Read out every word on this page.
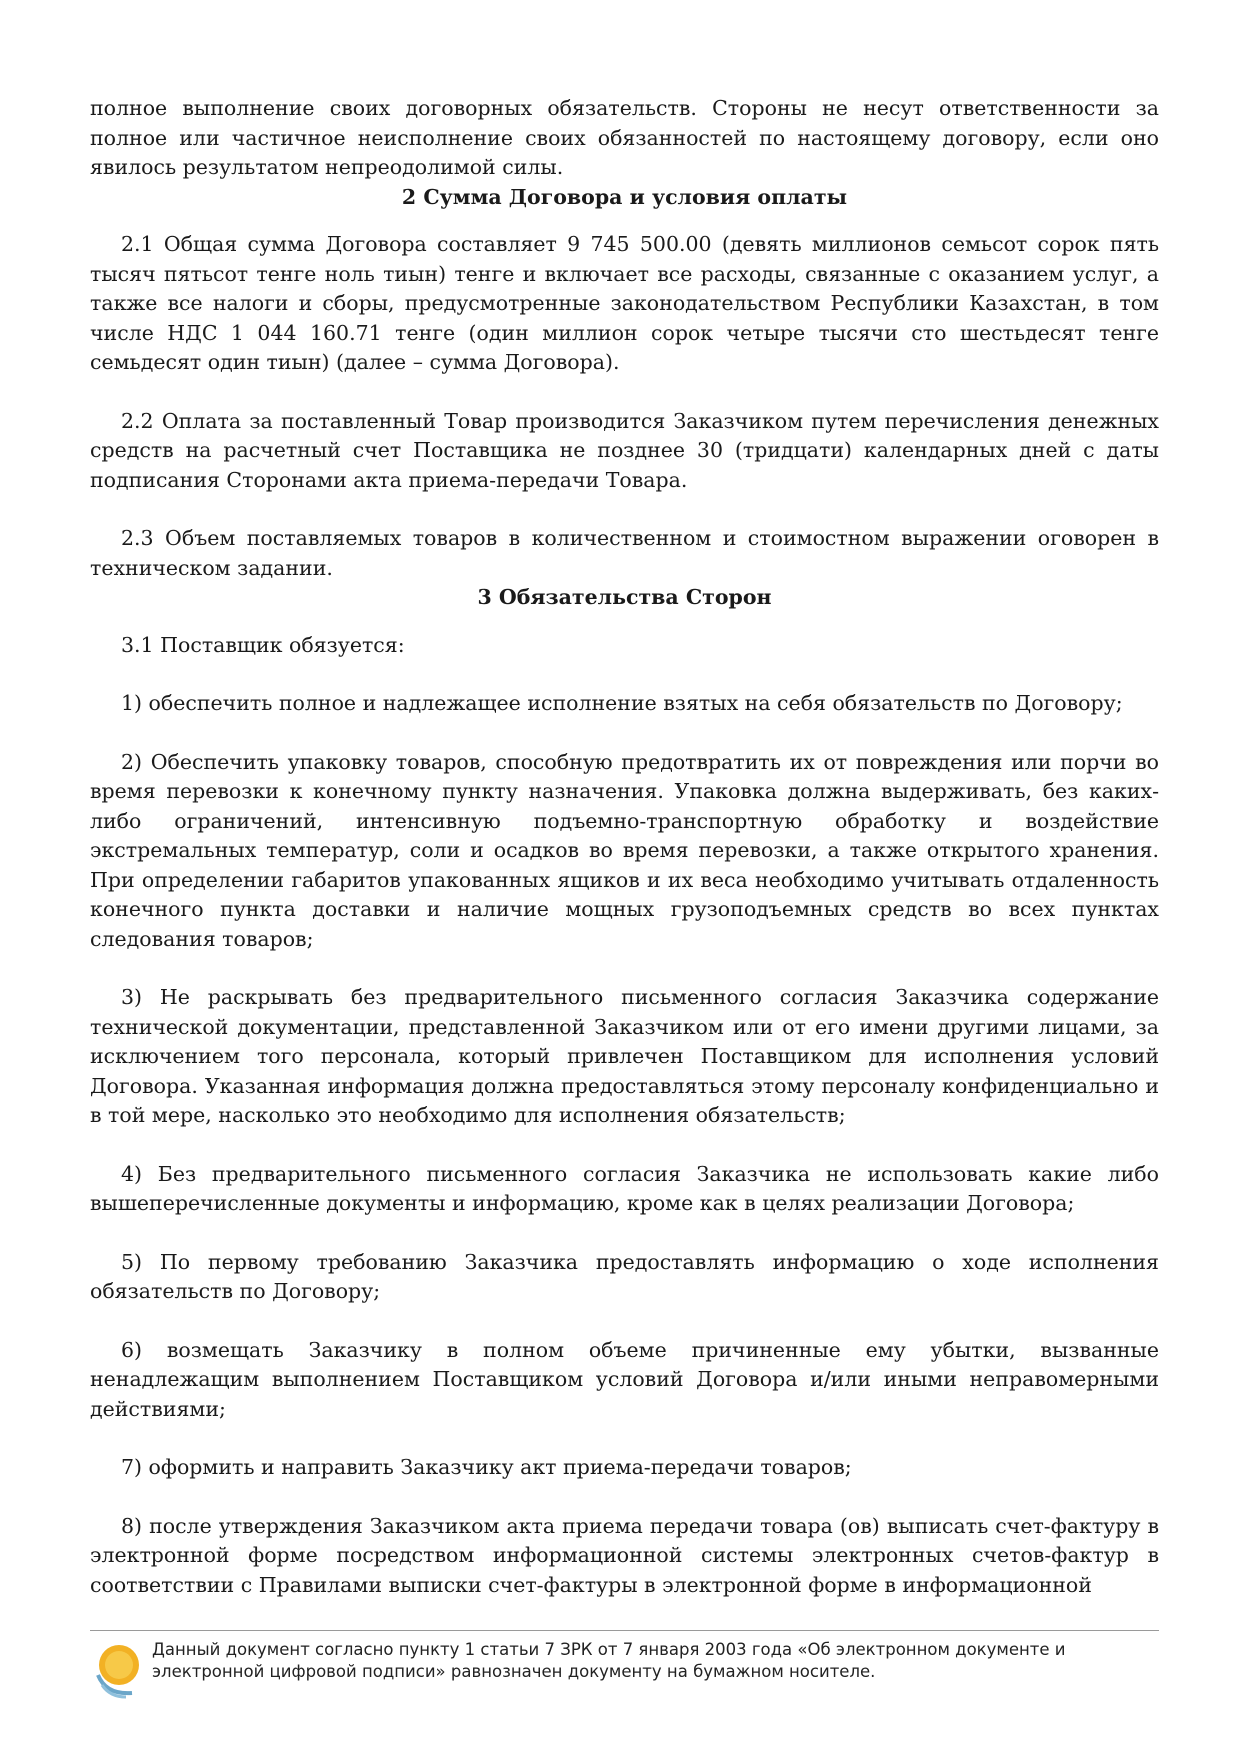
полное выполнение своих договорных обязательств. Стороны не несут ответственности за полное или частичное неисполнение своих обязанностей по настоящему договору, если оно явилось результатом непреодолимой силы.

2 Сумма Договора и условия оплаты

2.1 Общая сумма Договора составляет 9 745 500.00 (девять миллионов семьсот сорок пять тысяч пятьсот тенге ноль тиын) тенге и включает все расходы, связанные с оказанием услуг, а также все налоги и сборы, предусмотренные законодательством Республики Казахстан, в том числе НДС 1 044 160.71 тенге (один миллион сорок четыре тысячи сто шестьдесят тенге семьдесят один тиын) (далее – сумма Договора).

2.2 Оплата за поставленный Товар производится Заказчиком путем перечисления денежных средств на расчетный счет Поставщика не позднее 30 (тридцати) календарных дней с даты подписания Сторонами акта приема-передачи Товара.

2.3 Объем поставляемых товаров в количественном и стоимостном выражении оговорен в техническом задании.

3 Обязательства Сторон

3.1 Поставщик обязуется:

1) обеспечить полное и надлежащее исполнение взятых на себя обязательств по Договору;

2) Обеспечить упаковку товаров, способную предотвратить их от повреждения или порчи во время перевозки к конечному пункту назначения. Упаковка должна выдерживать, без каких-либо ограничений, интенсивную подъемно-транспортную обработку и воздействие экстремальных температур, соли и осадков во время перевозки, а также открытого хранения. При определении габаритов упакованных ящиков и их веса необходимо учитывать отдаленность конечного пункта доставки и наличие мощных грузоподъемных средств во всех пунктах следования товаров;

3) Не раскрывать без предварительного письменного согласия Заказчика содержание технической документации, представленной Заказчиком или от его имени другими лицами, за исключением того персонала, который привлечен Поставщиком для исполнения условий Договора. Указанная информация должна предоставляться этому персоналу конфиденциально и в той мере, насколько это необходимо для исполнения обязательств;

4) Без предварительного письменного согласия Заказчика не использовать какие либо вышеперечисленные документы и информацию, кроме как в целях реализации Договора;

5) По первому требованию Заказчика предоставлять информацию о ходе исполнения обязательств по Договору;

6) возмещать Заказчику в полном объеме причиненные ему убытки, вызванные ненадлежащим выполнением Поставщиком условий Договора и/или иными неправомерными действиями;

7) оформить и направить Заказчику акт приема-передачи товаров;

8) после утверждения Заказчиком акта приема передачи товара (ов) выписать счет-фактуру в электронной форме посредством информационной системы электронных счетов-фактур в соответствии с Правилами выписки счет-фактуры в электронной форме в информационной

Данный документ согласно пункту 1 статьи 7 ЗРК от 7 января 2003 года «Об электронном документе и
электронной цифровой подписи» равнозначен документу на бумажном носителе.
